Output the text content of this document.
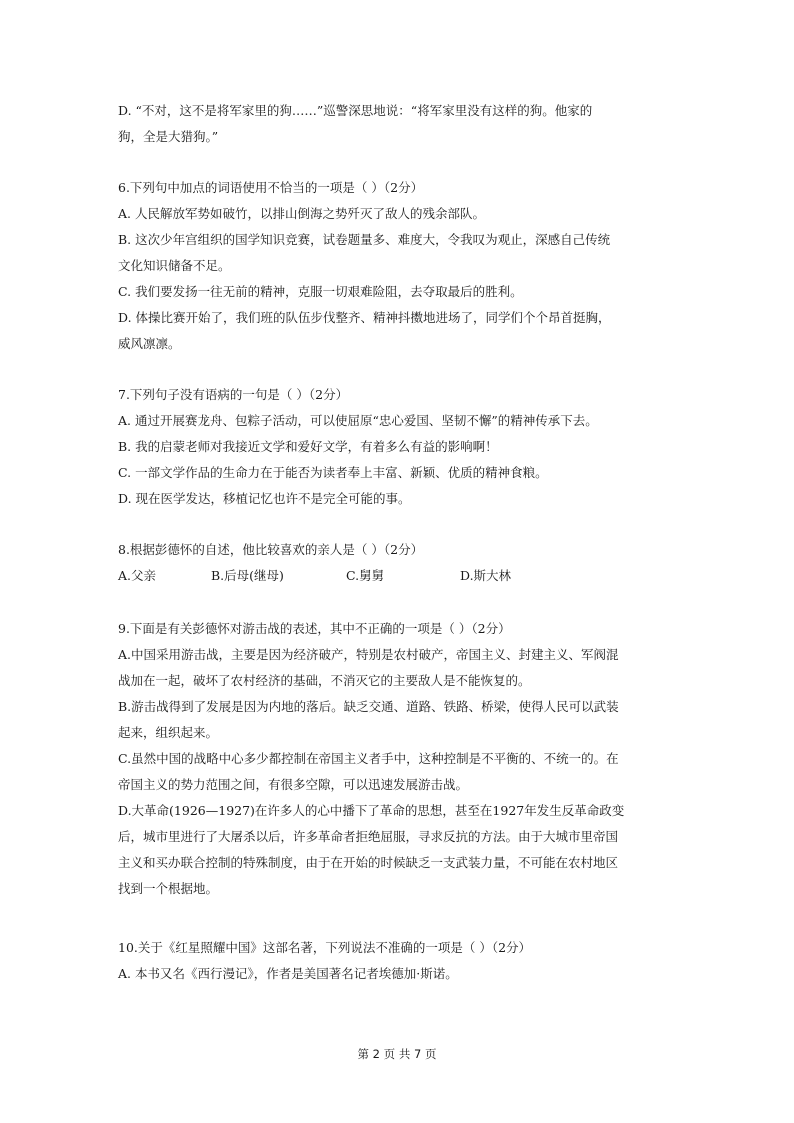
D. “不对，这不是将军家里的狗……”巡警深思地说：“将军家里没有这样的狗。他家的
狗，全是大猎狗。”
6.下列句中加点的词语使用不恰当的一项是（ ）（2分）
A. 人民解放军势如破竹，以排山倒海之势歼灭了敌人的残余部队。
B. 这次少年宫组织的国学知识竞赛，试卷题量多、难度大，令我叹为观止，深感自己传统
文化知识储备不足。
C. 我们要发扬一往无前的精神，克服一切艰难险阻，去夺取最后的胜利。
D. 体操比赛开始了，我们班的队伍步伐整齐、精神抖擞地进场了，同学们个个昂首挺胸，
威风凛凛。
7.下列句子没有语病的一句是（ ）（2分）
A. 通过开展赛龙舟、包粽子活动，可以使屈原“忠心爱国、坚韧不懈”的精神传承下去。
B. 我的启蒙老师对我接近文学和爱好文学，有着多么有益的影响啊！
C. 一部文学作品的生命力在于能否为读者奉上丰富、新颖、优质的精神食粮。
D. 现在医学发达，移植记忆也许不是完全可能的事。
8.根据彭德怀的自述，他比较喜欢的亲人是（ ）（2分）
A.父亲	B.后母(继母)	C.舅舅	D.斯大林
9.下面是有关彭德怀对游击战的表述，其中不正确的一项是（ ）（2分）
A.中国采用游击战，主要是因为经济破产，特别是农村破产，帝国主义、封建主义、军阀混
战加在一起，破坏了农村经济的基础，不消灭它的主要敌人是不能恢复的。
B.游击战得到了发展是因为内地的落后。缺乏交通、道路、铁路、桥梁，使得人民可以武装
起来，组织起来。
C.虽然中国的战略中心多少都控制在帝国主义者手中，这种控制是不平衡的、不统一的。在
帝国主义的势力范围之间，有很多空隙，可以迅速发展游击战。
D.大革命(1926—1927)在许多人的心中播下了革命的思想，甚至在1927年发生反革命政变
后，城市里进行了大屠杀以后，许多革命者拒绝屈服，寻求反抗的方法。由于大城市里帝国
主义和买办联合控制的特殊制度，由于在开始的时候缺乏一支武装力量，不可能在农村地区
找到一个根据地。
10.关于《红星照耀中国》这部名著，下列说法不准确的一项是（ ）（2分）
A. 本书又名《西行漫记》，作者是美国著名记者埃德加·斯诺。
第 2 页 共 7 页
